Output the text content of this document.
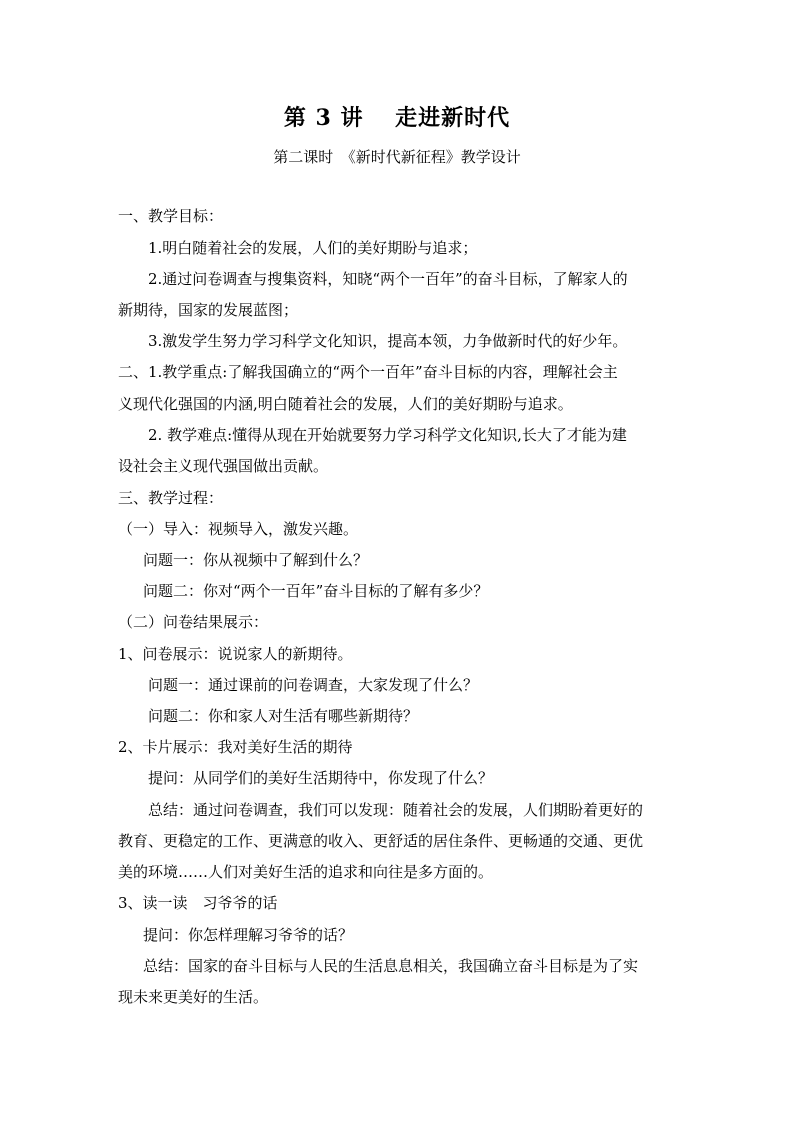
第 3 讲　 走进新时代
第二课时　《新时代新征程》教学设计
一、教学目标：
1.明白随着社会的发展，人们的美好期盼与追求；
2.通过问卷调查与搜集资料，知晓“两个一百年”的奋斗目标，了解家人的
新期待，国家的发展蓝图；
3.激发学生努力学习科学文化知识，提高本领，力争做新时代的好少年。
二、1.教学重点:了解我国确立的“两个一百年”奋斗目标的内容，理解社会主
义现代化强国的内涵,明白随着社会的发展，人们的美好期盼与追求。
2. 教学难点:懂得从现在开始就要努力学习科学文化知识,长大了才能为建
设社会主义现代强国做出贡献。
三、教学过程：
（一）导入：视频导入，激发兴趣。
问题一：你从视频中了解到什么？
问题二：你对“两个一百年”奋斗目标的了解有多少？
（二）问卷结果展示：
1、问卷展示：说说家人的新期待。
问题一：通过课前的问卷调查，大家发现了什么？
问题二：你和家人对生活有哪些新期待？
2、卡片展示：我对美好生活的期待
提问：从同学们的美好生活期待中，你发现了什么？
总结：通过问卷调查，我们可以发现：随着社会的发展，人们期盼着更好的
教育、更稳定的工作、更满意的收入、更舒适的居住条件、更畅通的交通、更优
美的环境……人们对美好生活的追求和向往是多方面的。
3、读一读　习爷爷的话
提问：你怎样理解习爷爷的话？
总结：国家的奋斗目标与人民的生活息息相关，我国确立奋斗目标是为了实
现未来更美好的生活。
